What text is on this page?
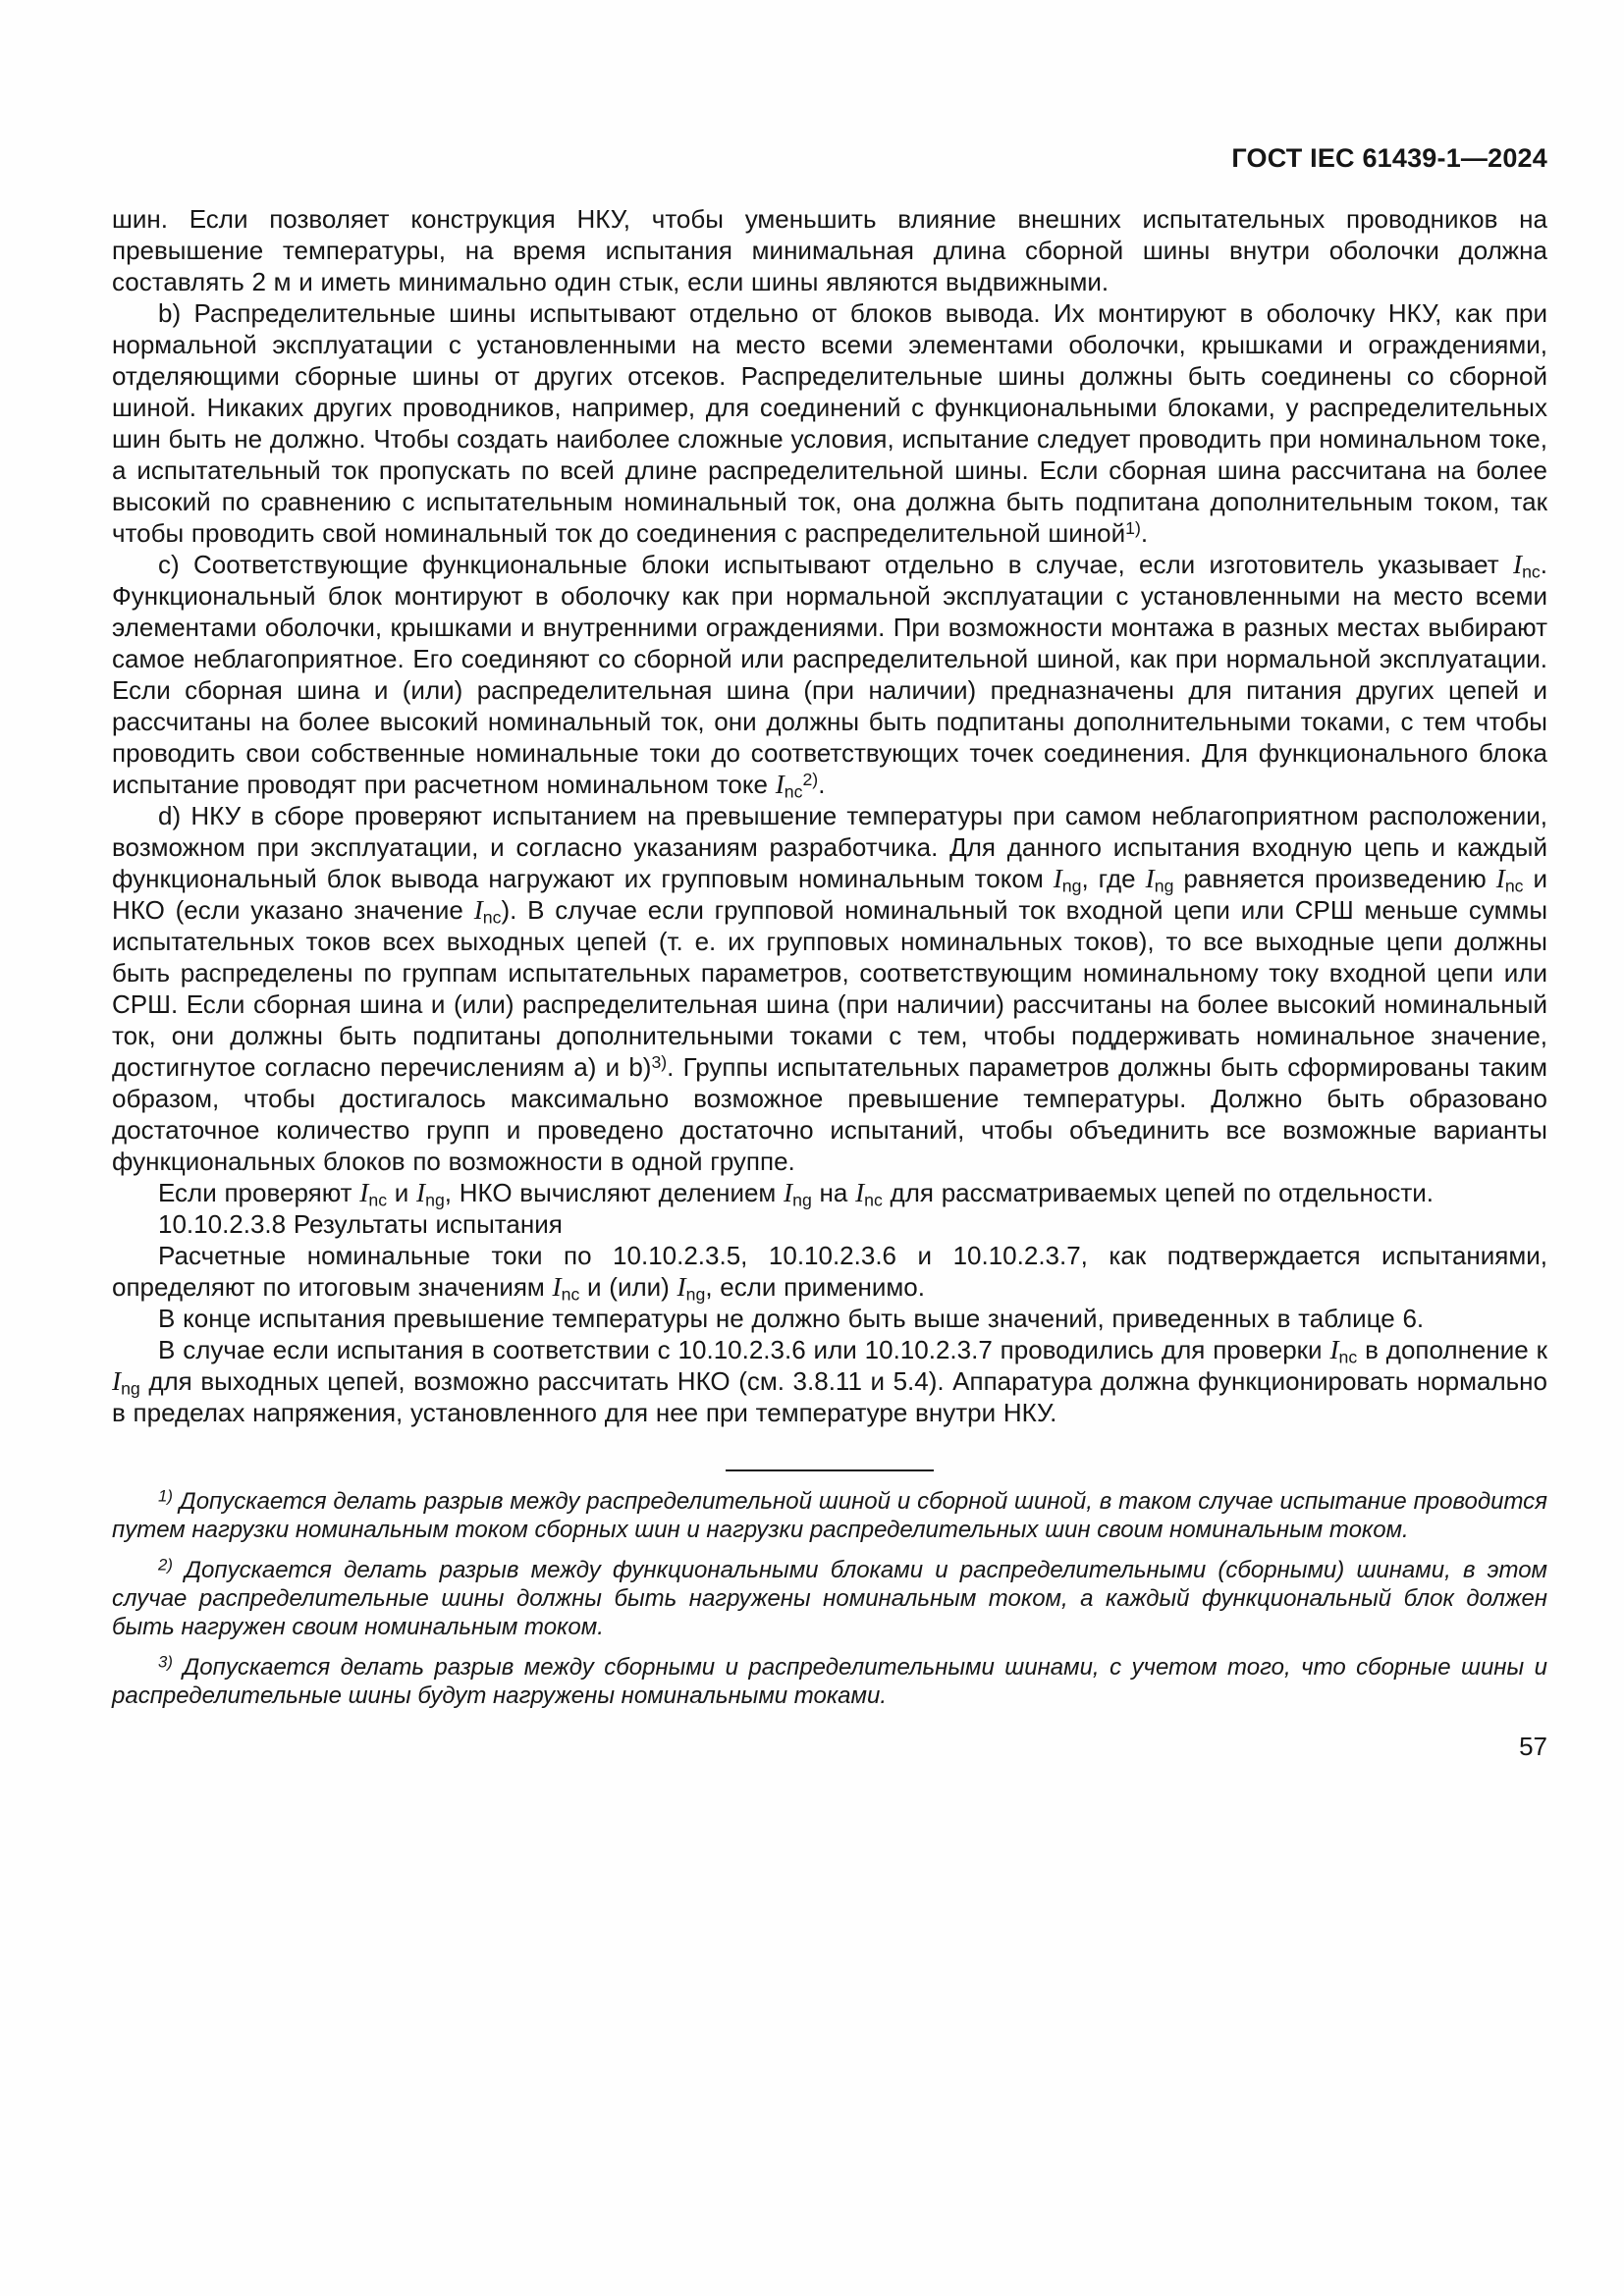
ГОСТ IEC 61439-1—2024

шин. Если позволяет конструкция НКУ, чтобы уменьшить влияние внешних испытательных проводников на превышение температуры, на время испытания минимальная длина сборной шины внутри оболочки должна составлять 2 м и иметь минимально один стык, если шины являются выдвижными.

b) Распределительные шины испытывают отдельно от блоков вывода. Их монтируют в оболочку НКУ, как при нормальной эксплуатации с установленными на место всеми элементами оболочки, крышками и ограждениями, отделяющими сборные шины от других отсеков. Распределительные шины должны быть соединены со сборной шиной. Никаких других проводников, например, для соединений с функциональными блоками, у распределительных шин быть не должно. Чтобы создать наиболее сложные условия, испытание следует проводить при номинальном токе, а испытательный ток пропускать по всей длине распределительной шины. Если сборная шина рассчитана на более высокий по сравнению с испытательным номинальный ток, она должна быть подпитана дополнительным током, так чтобы проводить свой номинальный ток до соединения с распределительной шиной$^{1)}$.

c) Соответствующие функциональные блоки испытывают отдельно в случае, если изготовитель указывает $I_{nc}$. Функциональный блок монтируют в оболочку как при нормальной эксплуатации с установленными на место всеми элементами оболочки, крышками и внутренними ограждениями. При возможности монтажа в разных местах выбирают самое неблагоприятное. Его соединяют со сборной или распределительной шиной, как при нормальной эксплуатации. Если сборная шина и (или) распределительная шина (при наличии) предназначены для питания других цепей и рассчитаны на более высокий номинальный ток, они должны быть подпитаны дополнительными токами, с тем чтобы проводить свои собственные номинальные токи до соответствующих точек соединения. Для функционального блока испытание проводят при расчетном номинальном токе $I_{nc}^{2)}$.

d) НКУ в сборе проверяют испытанием на превышение температуры при самом неблагоприятном расположении, возможном при эксплуатации, и согласно указаниям разработчика. Для данного испытания входную цепь и каждый функциональный блок вывода нагружают их групповым номинальным током $I_{ng}$, где $I_{ng}$ равняется произведению $I_{nc}$ и НКО (если указано значение $I_{nc}$). В случае если групповой номинальный ток входной цепи или СРШ меньше суммы испытательных токов всех выходных цепей (т. е. их групповых номинальных токов), то все выходные цепи должны быть распределены по группам испытательных параметров, соответствующим номинальному току входной цепи или СРШ. Если сборная шина и (или) распределительная шина (при наличии) рассчитаны на более высокий номинальный ток, они должны быть подпитаны дополнительными токами с тем, чтобы поддерживать номинальное значение, достигнутое согласно перечислениям a) и b)$^{3)}$. Группы испытательных параметров должны быть сформированы таким образом, чтобы достигалось максимально возможное превышение температуры. Должно быть образовано достаточное количество групп и проведено достаточно испытаний, чтобы объединить все возможные варианты функциональных блоков по возможности в одной группе.

Если проверяют $I_{nc}$ и $I_{ng}$, НКО вычисляют делением $I_{ng}$ на $I_{nc}$ для рассматриваемых цепей по отдельности.

10.10.2.3.8 Результаты испытания

Расчетные номинальные токи по 10.10.2.3.5, 10.10.2.3.6 и 10.10.2.3.7, как подтверждается испытаниями, определяют по итоговым значениям $I_{nc}$ и (или) $I_{ng}$, если применимо.

В конце испытания превышение температуры не должно быть выше значений, приведенных в таблице 6.

В случае если испытания в соответствии с 10.10.2.3.6 или 10.10.2.3.7 проводились для проверки $I_{nc}$ в дополнение к $I_{ng}$ для выходных цепей, возможно рассчитать НКО (см. 3.8.11 и 5.4). Аппаратура должна функционировать нормально в пределах напряжения, установленного для нее при температуре внутри НКУ.

$^{1)}$ Допускается делать разрыв между распределительной шиной и сборной шиной, в таком случае испытание проводится путем нагрузки номинальным током сборных шин и нагрузки распределительных шин своим номинальным током.

$^{2)}$ Допускается делать разрыв между функциональными блоками и распределительными (сборными) шинами, в этом случае распределительные шины должны быть нагружены номинальным током, а каждый функциональный блок должен быть нагружен своим номинальным током.

$^{3)}$ Допускается делать разрыв между сборными и распределительными шинами, с учетом того, что сборные шины и распределительные шины будут нагружены номинальными токами.

57
